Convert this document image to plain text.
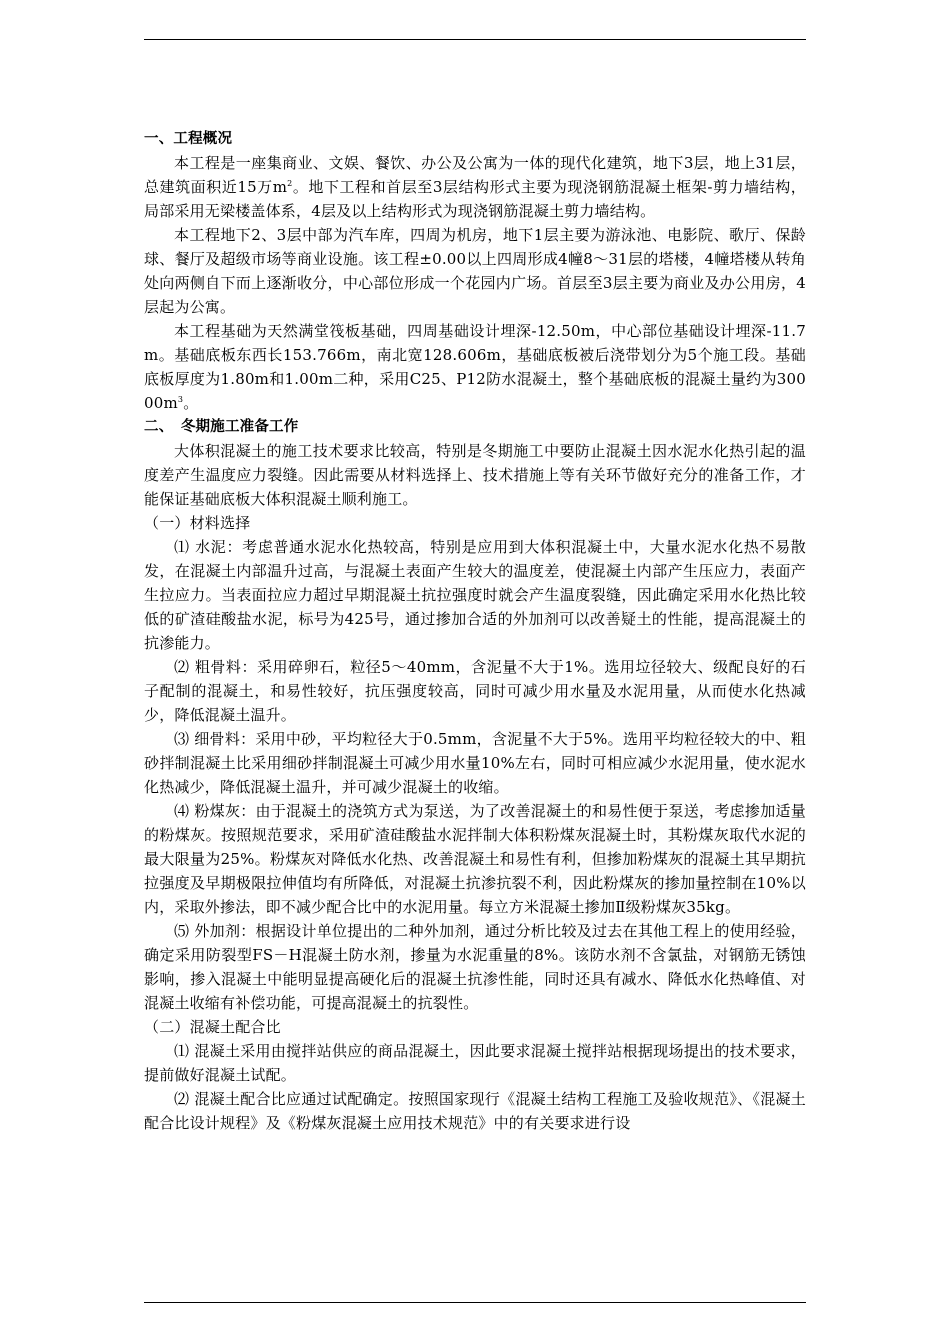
一、工程概况

本工程是一座集商业、文娱、餐饮、办公及公寓为一体的现代化建筑，地下3层，地上31层，总建筑面积近15万$m^2$。地下工程和首层至3层结构形式主要为现浇钢筋混凝土框架-剪力墙结构，局部采用无梁楼盖体系，4层及以上结构形式为现浇钢筋混凝土剪力墙结构。

本工程地下2、3层中部为汽车库，四周为机房，地下1层主要为游泳池、电影院、歌厅、保龄球、餐厅及超级市场等商业设施。该工程±0.00以上四周形成4幢8～31层的塔楼，4幢塔楼从转角处向两侧自下而上逐渐收分，中心部位形成一个花园内广场。首层至3层主要为商业及办公用房，4层起为公寓。

本工程基础为天然满堂筏板基础，四周基础设计埋深-12.50m，中心部位基础设计埋深-11.7m。基础底板东西长153.766m，南北宽128.606m，基础底板被后浇带划分为5个施工段。基础底板厚度为1.80m和1.00m二种，采用C25、P12防水混凝土，整个基础底板的混凝土量约为$30000m^3$。

二、　冬期施工准备工作

大体积混凝土的施工技术要求比较高，特别是冬期施工中要防止混凝土因水泥水化热引起的温度差产生温度应力裂缝。因此需要从材料选择上、技术措施上等有关环节做好充分的准备工作，才能保证基础底板大体积混凝土顺利施工。

（一）材料选择

⑴ 水泥：考虑普通水泥水化热较高，特别是应用到大体积混凝土中，大量水泥水化热不易散发，在混凝土内部温升过高，与混凝土表面产生较大的温度差，使混凝土内部产生压应力，表面产生拉应力。当表面拉应力超过早期混凝土抗拉强度时就会产生温度裂缝，因此确定采用水化热比较低的矿渣硅酸盐水泥，标号为425号，通过掺加合适的外加剂可以改善疑土的性能，提高混凝土的抗渗能力。

⑵ 粗骨料：采用碎卵石，粒径5～40mm，含泥量不大于1%。选用垃径较大、级配良好的石子配制的混凝土，和易性较好，抗压强度较高，同时可减少用水量及水泥用量，从而使水化热减少，降低混凝土温升。

⑶ 细骨料：采用中砂，平均粒径大于0.5mm，含泥量不大于5%。选用平均粒径较大的中、粗砂拌制混凝土比采用细砂拌制混凝土可减少用水量10%左右，同时可相应减少水泥用量，使水泥水化热减少，降低混凝土温升，并可减少混凝土的收缩。

⑷ 粉煤灰：由于混凝土的浇筑方式为泵送，为了改善混凝土的和易性便于泵送，考虑掺加适量的粉煤灰。按照规范要求，采用矿渣硅酸盐水泥拌制大体积粉煤灰混凝土时，其粉煤灰取代水泥的最大限量为25%。粉煤灰对降低水化热、改善混凝土和易性有利，但掺加粉煤灰的混凝土其早期抗拉强度及早期极限拉伸值均有所降低，对混凝土抗渗抗裂不利，因此粉煤灰的掺加量控制在10%以内，采取外掺法，即不减少配合比中的水泥用量。每立方米混凝土掺加Ⅱ级粉煤灰35kg。

⑸ 外加剂：根据设计单位提出的二种外加剂，通过分析比较及过去在其他工程上的使用经验，确定采用防裂型FS－H混凝土防水剂，掺量为水泥重量的8%。该防水剂不含氯盐，对钢筋无锈蚀影响，掺入混凝土中能明显提高硬化后的混凝土抗渗性能，同时还具有减水、降低水化热峰值、对混凝土收缩有补偿功能，可提高混凝土的抗裂性。

（二）混凝土配合比

⑴ 混凝土采用由搅拌站供应的商品混凝土，因此要求混凝土搅拌站根据现场提出的技术要求，提前做好混凝土试配。

⑵ 混凝土配合比应通过试配确定。按照国家现行《混凝土结构工程施工及验收规范》、《混凝土配合比设计规程》及《粉煤灰混凝土应用技术规范》中的有关要求进行设
